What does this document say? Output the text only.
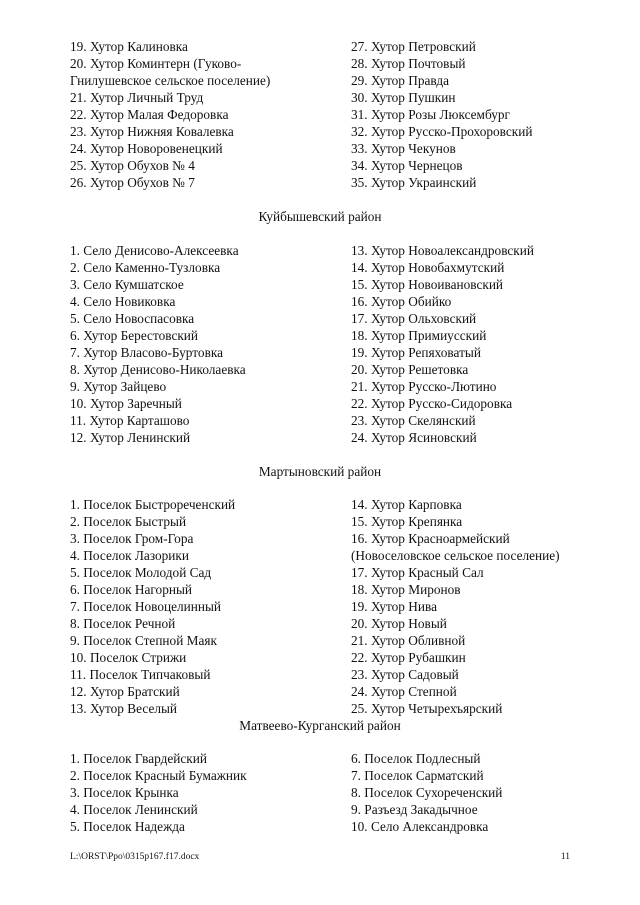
19. Хутор Калиновка
20. Хутор Коминтерн (Гуково-
Гнилушевское сельское поселение)
21. Хутор Личный Труд
22. Хутор Малая Федоровка
23. Хутор Нижняя Ковалевка
24. Хутор Новоровенецкий
25. Хутор Обухов № 4
26. Хутор Обухов № 7
27. Хутор Петровский
28. Хутор Почтовый
29. Хутор Правда
30. Хутор Пушкин
31. Хутор Розы Люксембург
32. Хутор Русско-Прохоровский
33. Хутор Чекунов
34. Хутор Чернецов
35. Хутор Украинский
Куйбышевский район
1. Село Денисово-Алексеевка
2. Село Каменно-Тузловка
3. Село Кумшатское
4. Село Новиковка
5. Село Новоспасовка
6. Хутор Берестовский
7. Хутор Власово-Буртовка
8. Хутор Денисово-Николаевка
9. Хутор Зайцево
10. Хутор Заречный
11. Хутор Карташово
12. Хутор Ленинский
13. Хутор Новоалександровский
14. Хутор Новобахмутский
15. Хутор Новоивановский
16. Хутор Обийко
17. Хутор Ольховский
18. Хутор Примиусский
19. Хутор Репяховатый
20. Хутор Решетовка
21. Хутор Русско-Лютино
22. Хутор Русско-Сидоровка
23. Хутор Скелянский
24. Хутор Ясиновский
Мартыновский район
1. Поселок Быстрореченский
2. Поселок Быстрый
3. Поселок Гром-Гора
4. Поселок Лазорики
5. Поселок Молодой Сад
6. Поселок Нагорный
7. Поселок Новоцелинный
8. Поселок Речной
9. Поселок Степной Маяк
10. Поселок Стрижи
11. Поселок Типчаковый
12. Хутор Братский
13. Хутор Веселый
14. Хутор Карповка
15. Хутор Крепянка
16. Хутор Красноармейский
(Новоселовское сельское поселение)
17. Хутор Красный Сал
18. Хутор Миронов
19. Хутор Нива
20. Хутор Новый
21. Хутор Обливной
22. Хутор Рубашкин
23. Хутор Садовый
24. Хутор Степной
25. Хутор Четырехъярский
Матвеево-Курганский район
1. Поселок Гвардейский
2. Поселок Красный Бумажник
3. Поселок Крынка
4. Поселок Ленинский
5. Поселок Надежда
6. Поселок Подлесный
7. Поселок Сарматский
8. Поселок Сухореченский
9. Разъезд Закадычное
10. Село Александровка
L:\ORST\Ppo\0315p167.f17.docx	11
